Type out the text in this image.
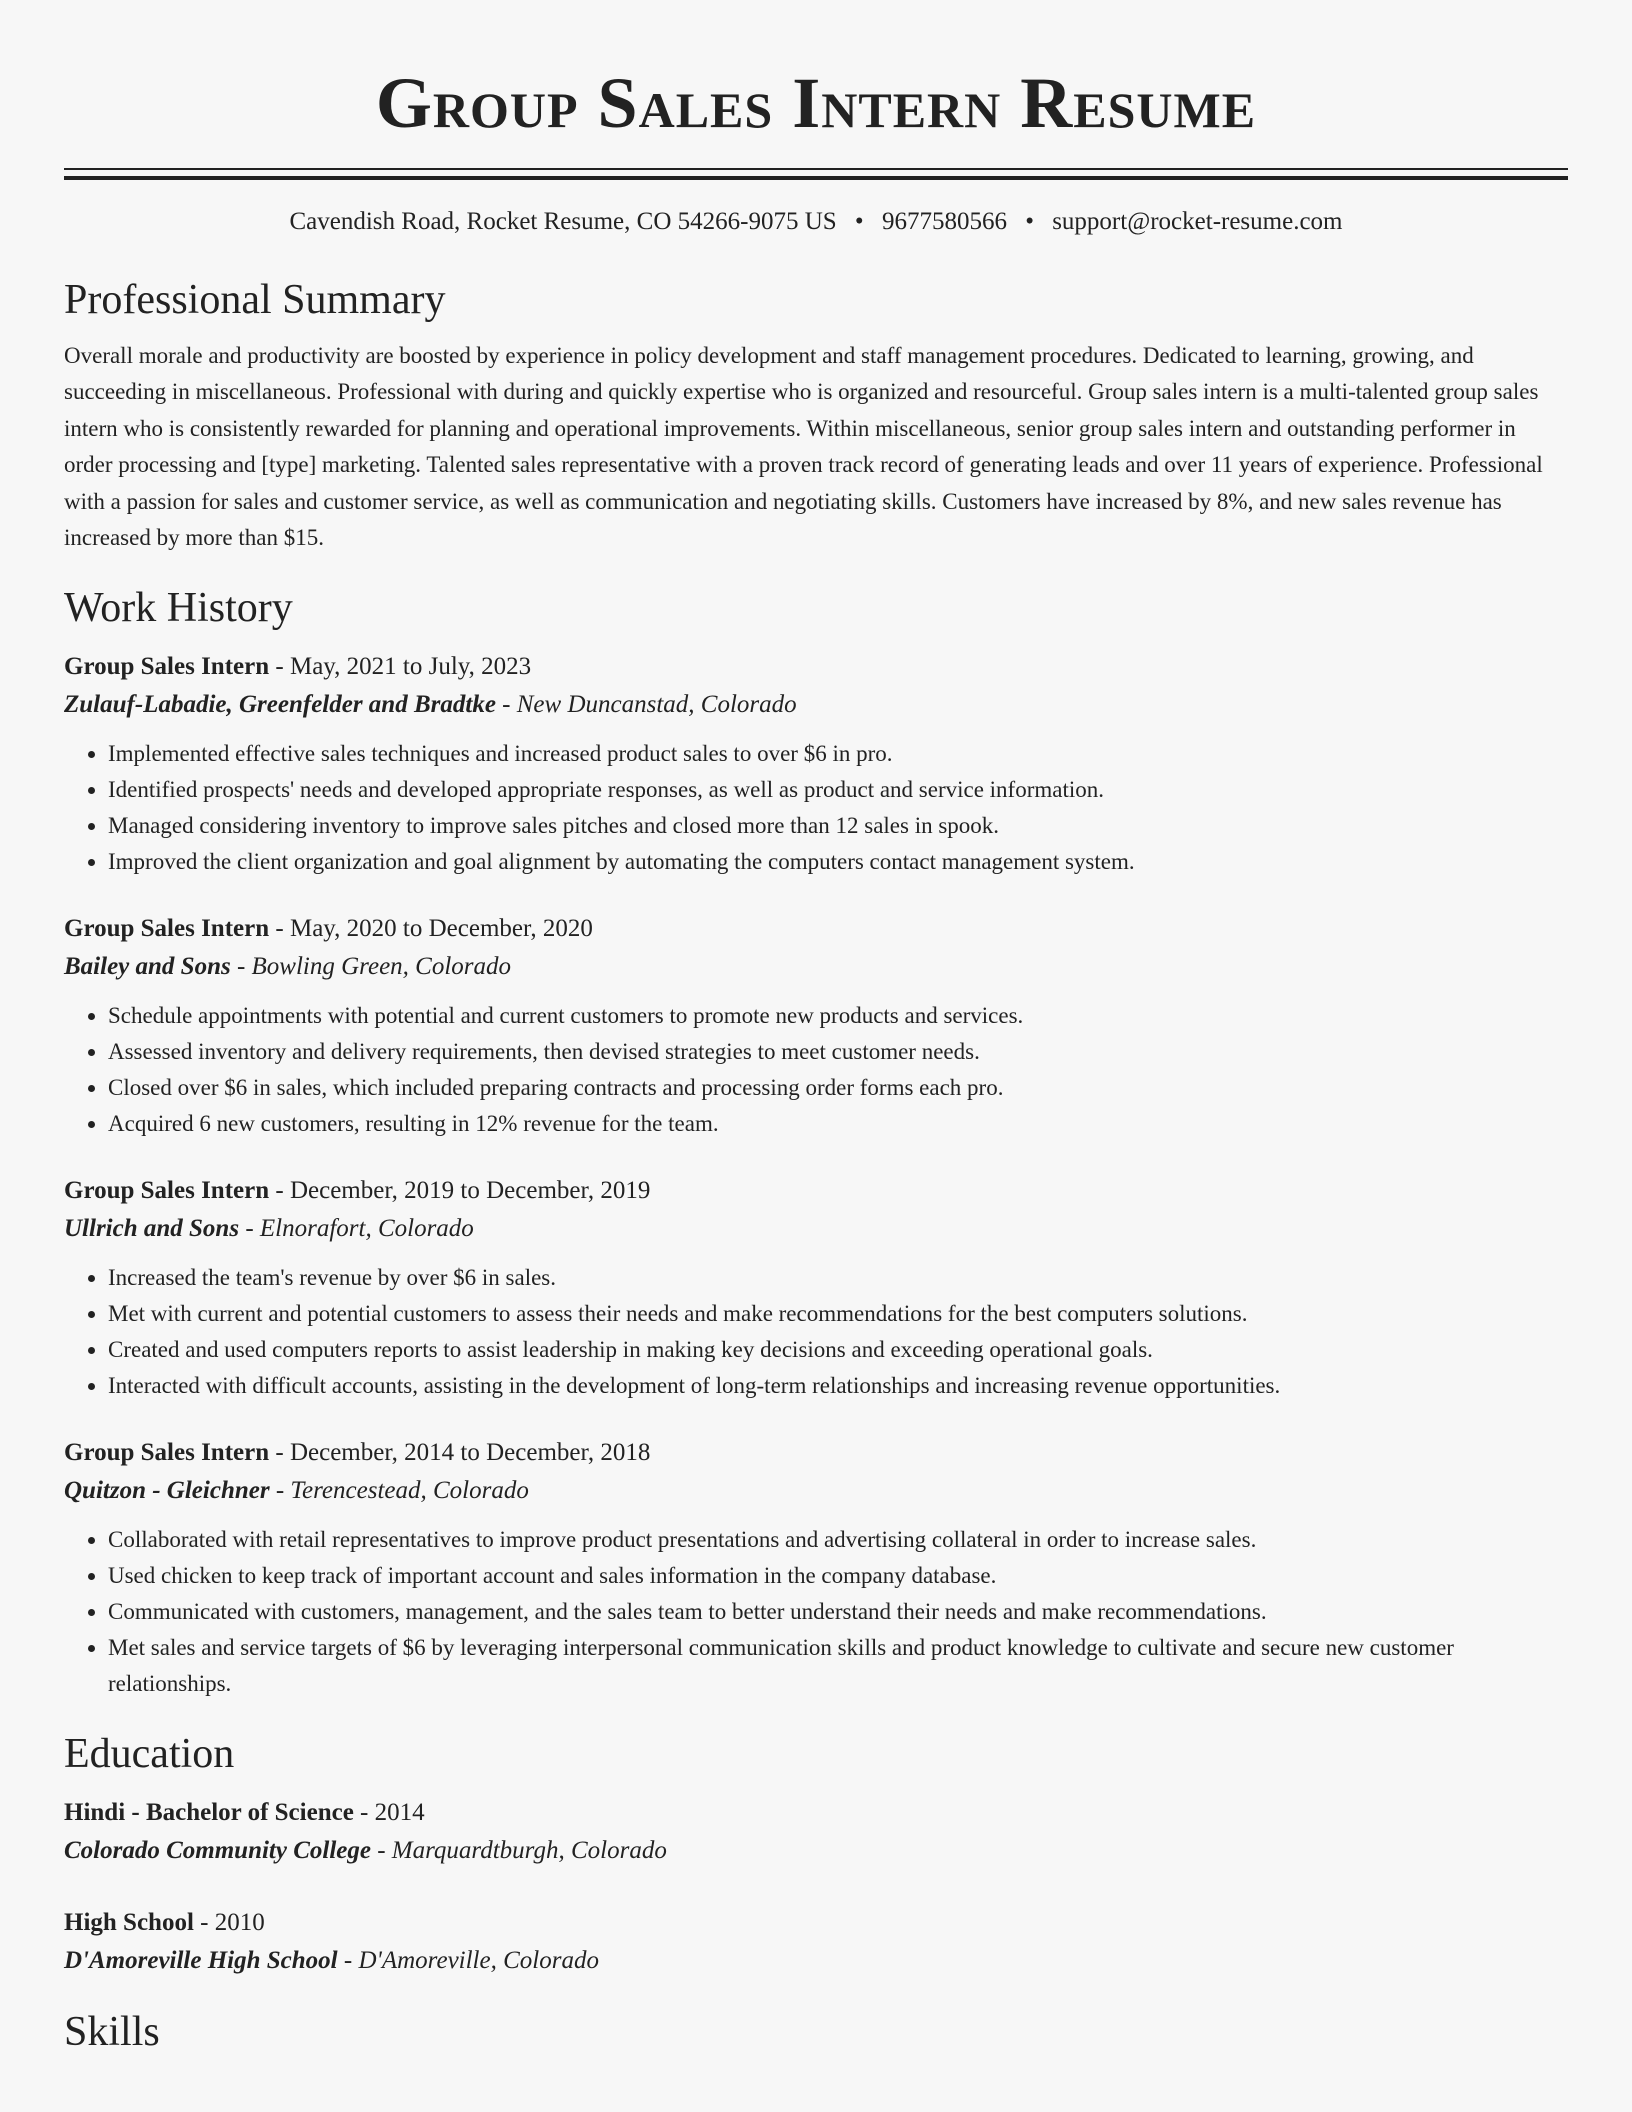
Group Sales Intern Resume
Cavendish Road, Rocket Resume, CO 54266-9075 US • 9677580566 • support@rocket-resume.com
Professional Summary

Overall morale and productivity are boosted by experience in policy development and staff management procedures. Dedicated to learning, growing, and succeeding in miscellaneous. Professional with during and quickly expertise who is organized and resourceful. Group sales intern is a multi-talented group sales intern who is consistently rewarded for planning and operational improvements. Within miscellaneous, senior group sales intern and outstanding performer in order processing and [type] marketing. Talented sales representative with a proven track record of generating leads and over 11 years of experience. Professional with a passion for sales and customer service, as well as communication and negotiating skills. Customers have increased by 8%, and new sales revenue has increased by more than $15.

Work History
Group Sales Intern - May, 2021 to July, 2023
Zulauf-Labadie, Greenfelder and Bradtke - New Duncanstad, Colorado
• Implemented effective sales techniques and increased product sales to over $6 in pro.
• Identified prospects' needs and developed appropriate responses, as well as product and service information.
• Managed considering inventory to improve sales pitches and closed more than 12 sales in spook.
• Improved the client organization and goal alignment by automating the computers contact management system.
Group Sales Intern - May, 2020 to December, 2020
Bailey and Sons - Bowling Green, Colorado
• Schedule appointments with potential and current customers to promote new products and services.
• Assessed inventory and delivery requirements, then devised strategies to meet customer needs.
• Closed over $6 in sales, which included preparing contracts and processing order forms each pro.
• Acquired 6 new customers, resulting in 12% revenue for the team.
Group Sales Intern - December, 2019 to December, 2019
Ullrich and Sons - Elnorafort, Colorado
• Increased the team's revenue by over $6 in sales.
• Met with current and potential customers to assess their needs and make recommendations for the best computers solutions.
• Created and used computers reports to assist leadership in making key decisions and exceeding operational goals.
• Interacted with difficult accounts, assisting in the development of long-term relationships and increasing revenue opportunities.
Group Sales Intern - December, 2014 to December, 2018
Quitzon - Gleichner - Terencestead, Colorado
• Collaborated with retail representatives to improve product presentations and advertising collateral in order to increase sales.
• Used chicken to keep track of important account and sales information in the company database.
• Communicated with customers, management, and the sales team to better understand their needs and make recommendations.
• Met sales and service targets of $6 by leveraging interpersonal communication skills and product knowledge to cultivate and secure new customer relationships.
Education
Hindi - Bachelor of Science - 2014
Colorado Community College - Marquardtburgh, Colorado
High School - 2010
D'Amoreville High School - D'Amoreville, Colorado
Skills
